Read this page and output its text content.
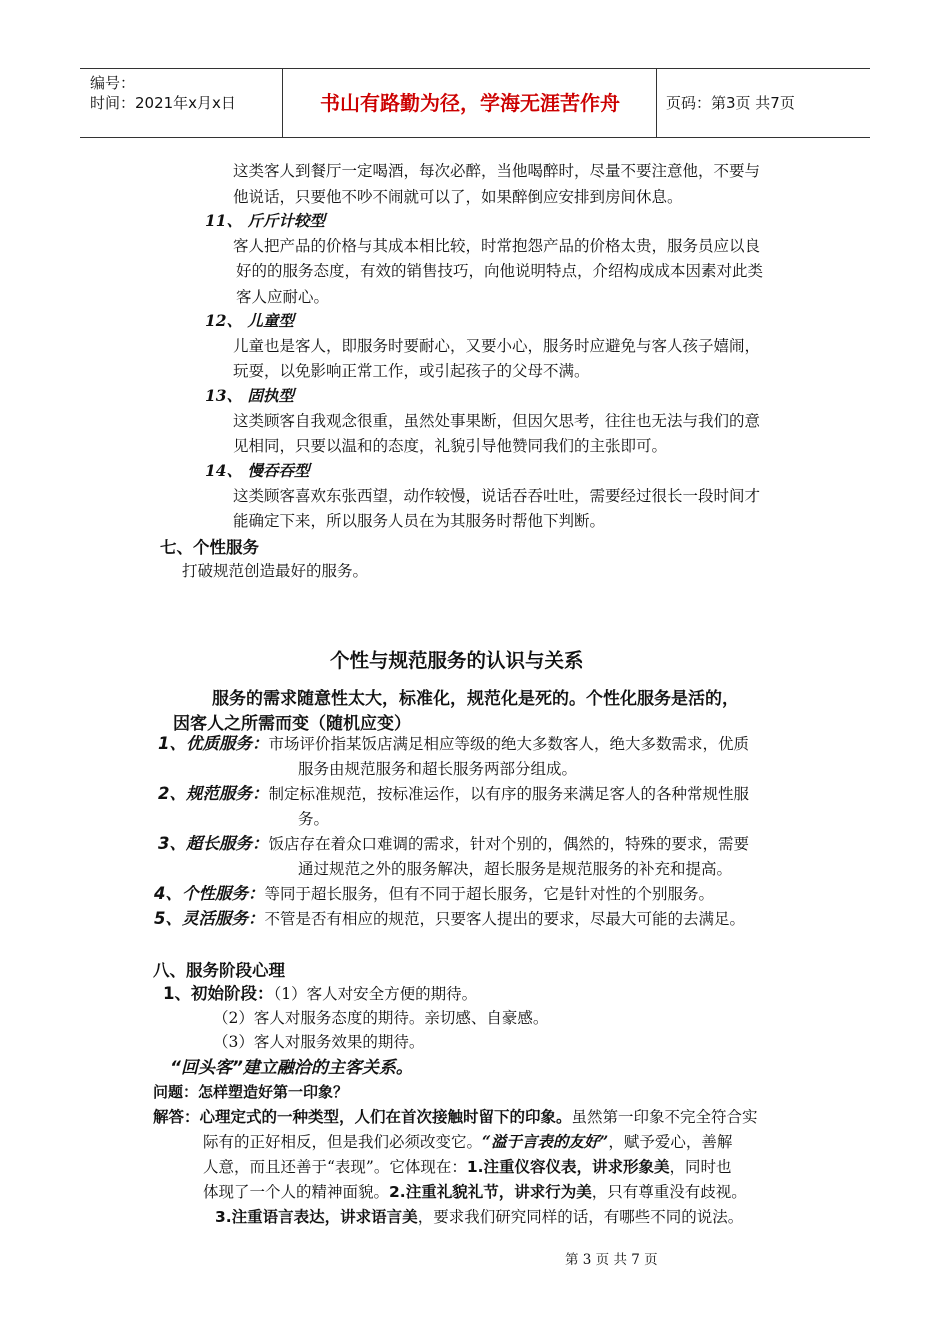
编号：
时间：2021年x月x日	书山有路勤为径，学海无涯苦作舟	页码：第3页 共7页
这类客人到餐厅一定喝酒，每次必醉，当他喝醉时，尽量不要注意他，不要与
他说话，只要他不吵不闹就可以了，如果醉倒应安排到房间休息。
11、 斤斤计较型
客人把产品的价格与其成本相比较，时常抱怨产品的价格太贵，服务员应以良
好的的服务态度，有效的销售技巧，向他说明特点，介绍构成成本因素对此类
客人应耐心。
12、 儿童型
儿童也是客人，即服务时要耐心，又要小心，服务时应避免与客人孩子嬉闹，
玩耍，以免影响正常工作，或引起孩子的父母不满。
13、 固执型
这类顾客自我观念很重，虽然处事果断，但因欠思考，往往也无法与我们的意
见相同，只要以温和的态度，礼貌引导他赞同我们的主张即可。
14、 慢吞吞型
这类顾客喜欢东张西望，动作较慢，说话吞吞吐吐，需要经过很长一段时间才
能确定下来，所以服务人员在为其服务时帮他下判断。
七、个性服务
打破规范创造最好的服务。
个性与规范服务的认识与关系
服务的需求随意性太大，标准化，规范化是死的。个性化服务是活的，
因客人之所需而变（随机应变）
1、优质服务：市场评价指某饭店满足相应等级的绝大多数客人，绝大多数需求，优质
服务由规范服务和超长服务两部分组成。
2、规范服务：制定标准规范，按标准运作，以有序的服务来满足客人的各种常规性服
务。
3、超长服务：饭店存在着众口难调的需求，针对个别的，偶然的，特殊的要求，需要
通过规范之外的服务解决，超长服务是规范服务的补充和提高。
4、个性服务：等同于超长服务，但有不同于超长服务，它是针对性的个别服务。
5、灵活服务：不管是否有相应的规范，只要客人提出的要求，尽最大可能的去满足。
八、服务阶段心理
1、初始阶段：（1）客人对安全方便的期待。
（2）客人对服务态度的期待。亲切感、自豪感。
（3）客人对服务效果的期待。
“回头客”建立融洽的主客关系。
问题：怎样塑造好第一印象？
解答：心理定式的一种类型，人们在首次接触时留下的印象。虽然第一印象不完全符合实
际有的正好相反，但是我们必须改变它。“溢于言表的友好”，赋予爱心，善解
人意，而且还善于“表现”。它体现在：1.注重仪容仪表，讲求形象美，同时也
体现了一个人的精神面貌。2.注重礼貌礼节，讲求行为美，只有尊重没有歧视。
3.注重语言表达，讲求语言美，要求我们研究同样的话，有哪些不同的说法。
第 3 页 共 7 页
